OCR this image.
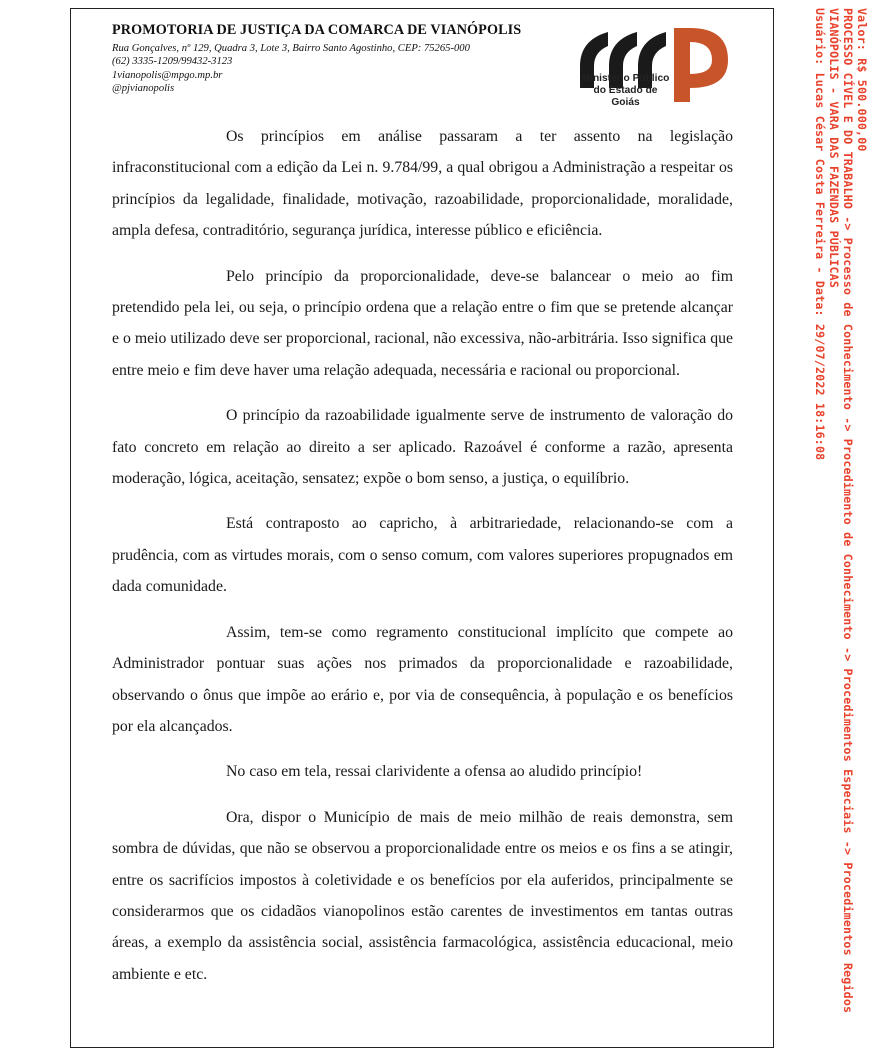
PROMOTORIA DE JUSTIÇA DA COMARCA DE VIANÓPOLIS

Rua Gonçalves, nº 129, Quadra 3, Lote 3, Bairro Santo Agostinho, CEP: 75265-000

(62) 3335-1209/99432-3123

1vianopolis@mpgo.mp.br

@pjvianopolis

Ministério Público
do Estado de Goiás

Os princípios em análise passaram a ter assento na legislação infraconstitucional com a edição da Lei n. 9.784/99, a qual obrigou a Administração a respeitar os princípios da legalidade, finalidade, motivação, razoabilidade, proporcionalidade, moralidade, ampla defesa, contraditório, segurança jurídica, interesse público e eficiência.

Pelo princípio da proporcionalidade, deve-se balancear o meio ao fim pretendido pela lei, ou seja, o princípio ordena que a relação entre o fim que se pretende alcançar e o meio utilizado deve ser proporcional, racional, não excessiva, não-arbitrária. Isso significa que entre meio e fim deve haver uma relação adequada, necessária e racional ou proporcional.

O princípio da razoabilidade igualmente serve de instrumento de valoração do fato concreto em relação ao direito a ser aplicado. Razoável é conforme a razão, apresenta moderação, lógica, aceitação, sensatez; expõe o bom senso, a justiça, o equilíbrio.

Está contraposto ao capricho, à arbitrariedade, relacionando-se com a prudência, com as virtudes morais, com o senso comum, com valores superiores propugnados em dada comunidade.

Assim, tem-se como regramento constitucional implícito que compete ao Administrador pontuar suas ações nos primados da proporcionalidade e razoabilidade, observando o ônus que impõe ao erário e, por via de consequência, à população e os benefícios por ela alcançados.

No caso em tela, ressai clarividente a ofensa ao aludido princípio!

Ora, dispor o Município de mais de meio milhão de reais demonstra, sem sombra de dúvidas, que não se observou a proporcionalidade entre os meios e os fins a se atingir, entre os sacrifícios impostos à coletividade e os benefícios por ela auferidos, principalmente se considerarmos que os cidadãos vianopolinos estão carentes de investimentos em tantas outras áreas, a exemplo da assistência social, assistência farmacológica, assistência educacional, meio ambiente e etc.

Valor: R$ 500.000,00
PROCESSO CÍVEL E DO TRABALHO -> Processo de Conhecimento -> Procedimento de Conhecimento -> Procedimentos Especiais -> Procedimentos Regidos
VIANÓPOLIS - VARA DAS FAZENDAS PÚBLICAS
Usuário: Lucas César Costa Ferreira - Data: 29/07/2022 18:16:08
